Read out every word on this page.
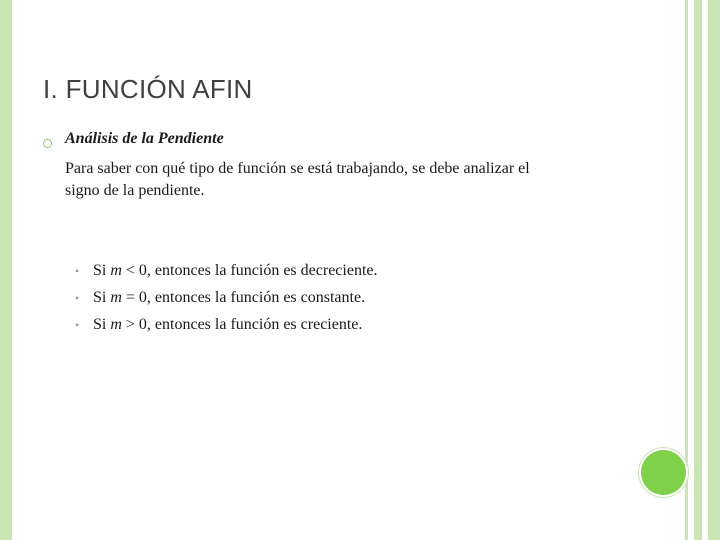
I. FUNCIÓN AFIN
Análisis de la Pendiente

Para saber con qué tipo de función se está trabajando, se debe analizar el
signo de la pendiente.

• Si m < 0, entonces la función es decreciente.
• Si m = 0, entonces la función es constante.
• Si m > 0, entonces la función es creciente.
